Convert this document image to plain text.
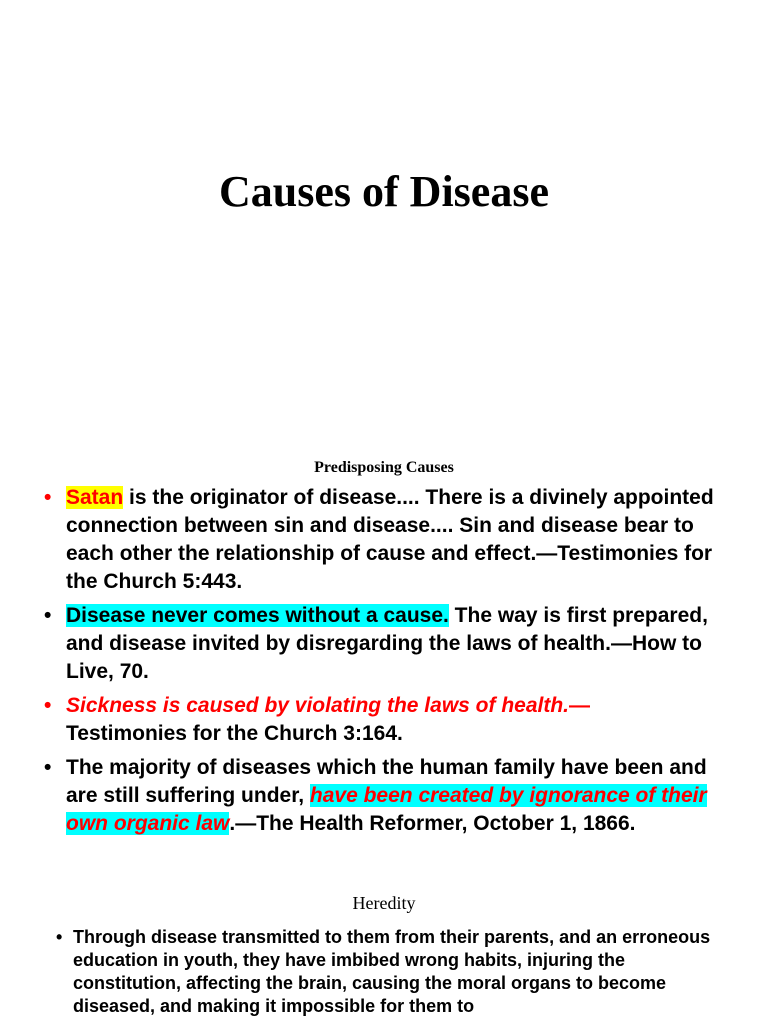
Causes of Disease
Predisposing Causes
• Satan is the originator of disease.... There is a divinely appointed connection between sin and disease.... Sin and disease bear to each other the relationship of cause and effect.—Testimonies for the Church 5:443.
• Disease never comes without a cause. The way is first prepared, and disease invited by disregarding the laws of health.—How to Live, 70.
• Sickness is caused by violating the laws of health.—
Testimonies for the Church 3:164.
• The majority of diseases which the human family have been and are still suffering under, have been created by ignorance of their own organic law.—The Health Reformer, October 1, 1866.
Heredity
• Through disease transmitted to them from their parents, and an erroneous education in youth, they have imbibed wrong habits, injuring the constitution, affecting the brain, causing the moral organs to become diseased, and making it impossible for them to
